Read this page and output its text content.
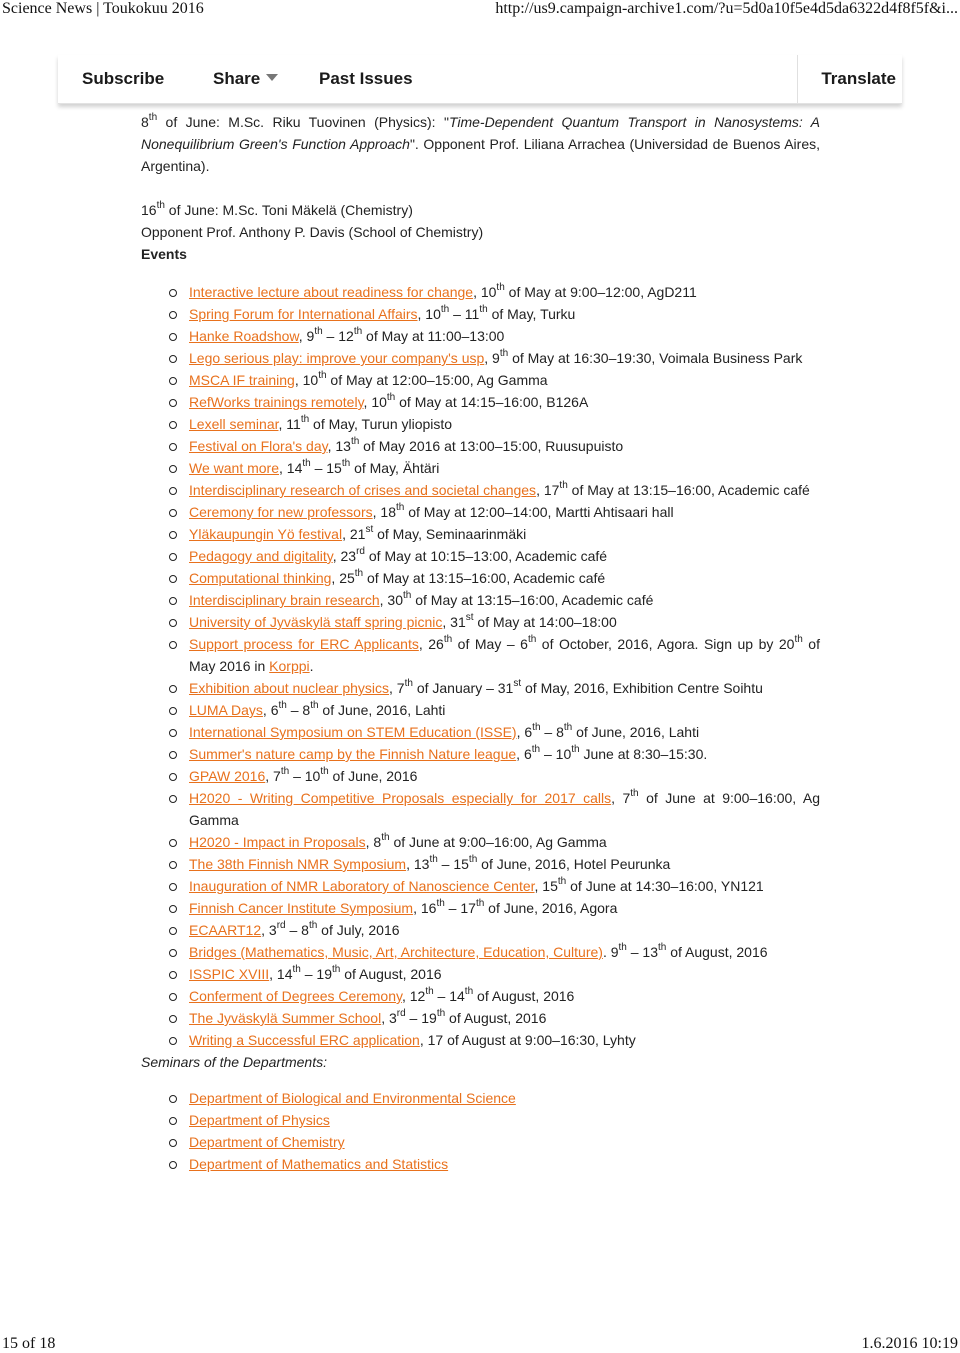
Science News | Toukokuu 2016	http://us9.campaign-archive1.com/?u=5d0a10f5e4d5da6322d4f8f5f&i...
Subscribe	Share	Past Issues	Translate

8th of June: M.Sc. Riku Tuovinen (Physics): "Time-Dependent Quantum Transport in Nanosystems: A Nonequilibrium Green's Function Approach". Opponent Prof. Liliana Arrachea (Universidad de Buenos Aires, Argentina).

16th of June: M.Sc. Toni Mäkelä (Chemistry)

Opponent Prof. Anthony P. Davis (School of Chemistry)

Events

Interactive lecture about readiness for change, 10th of May at 9:00–12:00, AgD211
Spring Forum for International Affairs, 10th – 11th of May, Turku
Hanke Roadshow, 9th – 12th of May at 11:00–13:00
Lego serious play: improve your company's usp, 9th of May at 16:30–19:30, Voimala Business Park
MSCA IF training, 10th of May at 12:00–15:00, Ag Gamma
RefWorks trainings remotely, 10th of May at 14:15–16:00, B126A
Lexell seminar, 11th of May, Turun yliopisto
Festival on Flora's day, 13th of May 2016 at 13:00–15:00, Ruusupuisto
We want more, 14th – 15th of May, Ähtäri
Interdisciplinary research of crises and societal changes, 17th of May at 13:15–16:00, Academic café
Ceremony for new professors, 18th of May at 12:00–14:00, Martti Ahtisaari hall
Yläkaupungin Yö festival, 21st of May, Seminaarinmäki
Pedagogy and digitality, 23rd of May at 10:15–13:00, Academic café
Computational thinking, 25th of May at 13:15–16:00, Academic café
Interdisciplinary brain research, 30th of May at 13:15–16:00, Academic café
University of Jyväskylä staff spring picnic, 31st of May at 14:00–18:00
Support process for ERC Applicants, 26th of May – 6th of October, 2016, Agora. Sign up by 20th of May 2016 in Korppi.
Exhibition about nuclear physics, 7th of January – 31st of May, 2016, Exhibition Centre Soihtu
LUMA Days, 6th – 8th of June, 2016, Lahti
International Symposium on STEM Education (ISSE), 6th – 8th of June, 2016, Lahti
Summer's nature camp by the Finnish Nature league, 6th – 10th June at 8:30–15:30.
GPAW 2016, 7th – 10th of June, 2016
H2020 - Writing Competitive Proposals especially for 2017 calls, 7th of June at 9:00–16:00, Ag Gamma
H2020 - Impact in Proposals, 8th of June at 9:00–16:00, Ag Gamma
The 38th Finnish NMR Symposium, 13th – 15th of June, 2016, Hotel Peurunka
Inauguration of NMR Laboratory of Nanoscience Center, 15th of June at 14:30–16:00, YN121
Finnish Cancer Institute Symposium, 16th – 17th of June, 2016, Agora
ECAART12, 3rd – 8th of July, 2016
Bridges (Mathematics, Music, Art, Architecture, Education, Culture). 9th – 13th of August, 2016
ISSPIC XVIII, 14th – 19th of August, 2016
Conferment of Degrees Ceremony, 12th – 14th of August, 2016
The Jyväskylä Summer School, 3rd – 19th of August, 2016
Writing a Successful ERC application, 17 of August at 9:00–16:30, Lyhty

Seminars of the Departments:

Department of Biological and Environmental Science
Department of Physics
Department of Chemistry
Department of Mathematics and Statistics
15 of 18	1.6.2016 10:19
